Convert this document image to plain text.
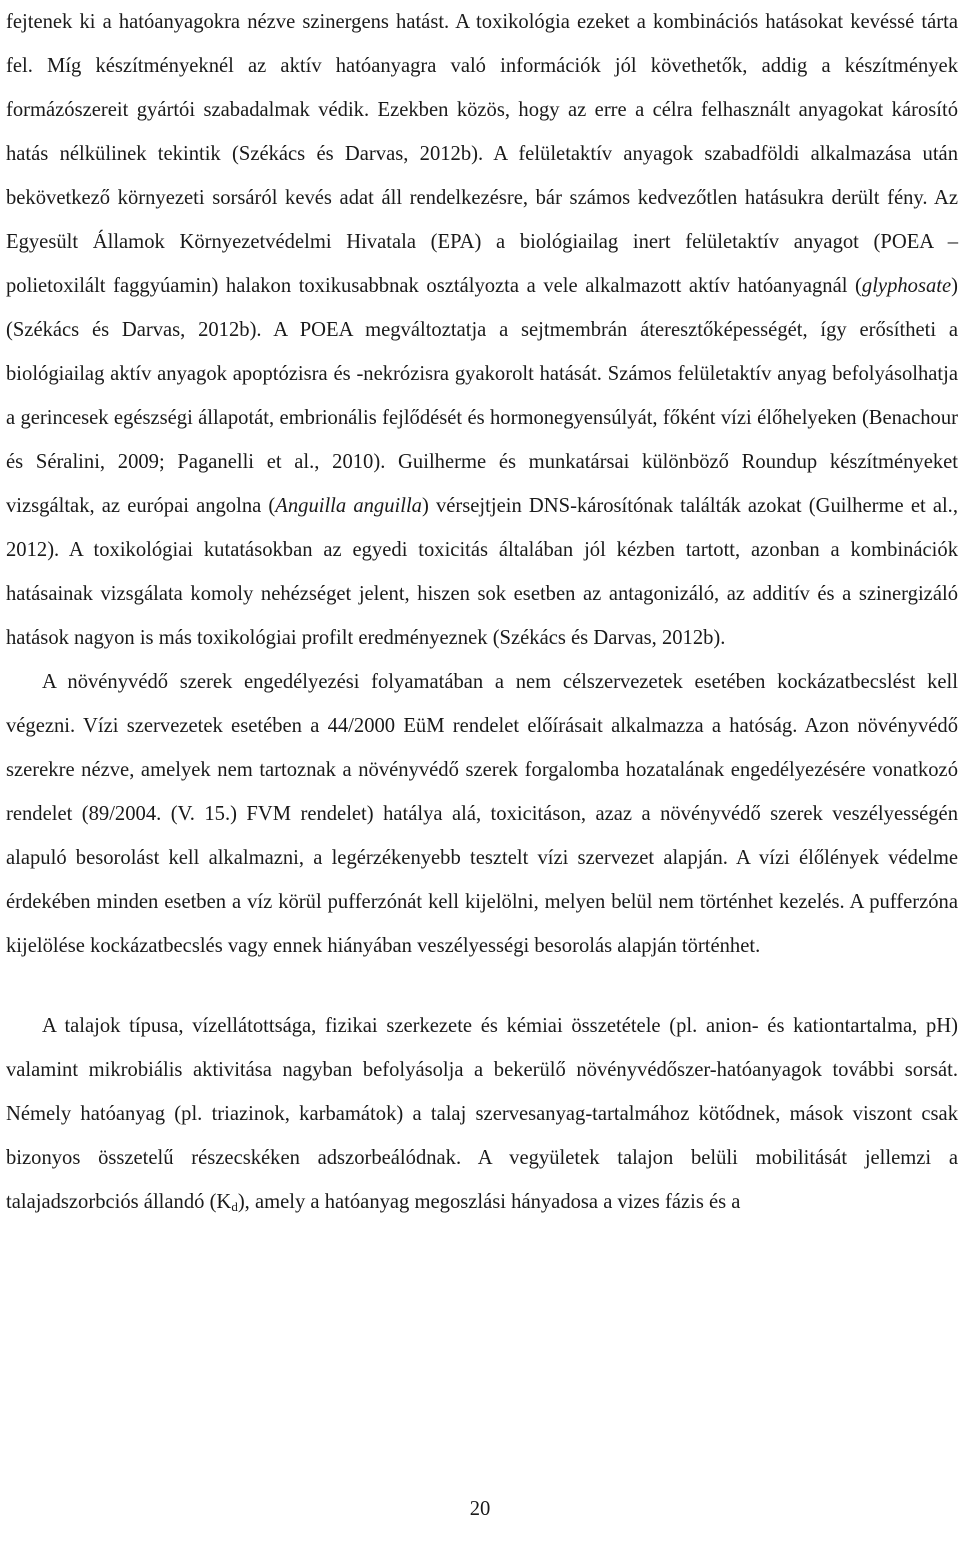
fejtenek ki a hatóanyagokra nézve szinergens hatást. A toxikológia ezeket a kombinációs hatásokat kevéssé tárta fel. Míg készítményeknél az aktív hatóanyagra való információk jól követhetők, addig a készítmények formázószereit gyártói szabadalmak védik. Ezekben közös, hogy az erre a célra felhasznált anyagokat károsító hatás nélkülinek tekintik (Székács és Darvas, 2012b). A felületaktív anyagok szabadföldi alkalmazása után bekövetkező környezeti sorsáról kevés adat áll rendelkezésre, bár számos kedvezőtlen hatásukra derült fény. Az Egyesült Államok Környezetvédelmi Hivatala (EPA) a biológiailag inert felületaktív anyagot (POEA – polietoxilált faggyúamin) halakon toxikusabbnak osztályozta a vele alkalmazott aktív hatóanyagnál (glyphosate) (Székács és Darvas, 2012b). A POEA megváltoztatja a sejtmembrán áteresztőképességét, így erősítheti a biológiailag aktív anyagok apoptózisra és -nekrózisra gyakorolt hatását. Számos felületaktív anyag befolyásolhatja a gerincesek egészségi állapotát, embrionális fejlődését és hormonegyensúlyát, főként vízi élőhelyeken (Benachour és Séralini, 2009; Paganelli et al., 2010). Guilherme és munkatársai különböző Roundup készítményeket vizsgáltak, az európai angolna (Anguilla anguilla) vérsejtjein DNS-károsítónak találták azokat (Guilherme et al., 2012). A toxikológiai kutatásokban az egyedi toxicitás általában jól kézben tartott, azonban a kombinációk hatásainak vizsgálata komoly nehézséget jelent, hiszen sok esetben az antagonizáló, az additív és a szinergizáló hatások nagyon is más toxikológiai profilt eredményeznek (Székács és Darvas, 2012b).

A növényvédő szerek engedélyezési folyamatában a nem célszervezetek esetében kockázatbecslést kell végezni. Vízi szervezetek esetében a 44/2000 EüM rendelet előírásait alkalmazza a hatóság. Azon növényvédő szerekre nézve, amelyek nem tartoznak a növényvédő szerek forgalomba hozatalának engedélyezésére vonatkozó rendelet (89/2004. (V. 15.) FVM rendelet) hatálya alá, toxicitáson, azaz a növényvédő szerek veszélyességén alapuló besorolást kell alkalmazni, a legérzékenyebb tesztelt vízi szervezet alapján. A vízi élőlények védelme érdekében minden esetben a víz körül pufferzónát kell kijelölni, melyen belül nem történhet kezelés. A pufferzóna kijelölése kockázatbecslés vagy ennek hiányában veszélyességi besorolás alapján történhet.

A talajok típusa, vízellátottsága, fizikai szerkezete és kémiai összetétele (pl. anion- és kationtartalma, pH) valamint mikrobiális aktivitása nagyban befolyásolja a bekerülő növényvédőszer-hatóanyagok további sorsát. Némely hatóanyag (pl. triazinok, karbamátok) a talaj szervesanyag-tartalmához kötődnek, mások viszont csak bizonyos összetelű részecskéken adszorbeálódnak. A vegyületek talajon belüli mobilitását jellemzi a talajadszorbciós állandó $(K_d)$, amely a hatóanyag megoszlási hányadosa a vizes fázis és a

20
